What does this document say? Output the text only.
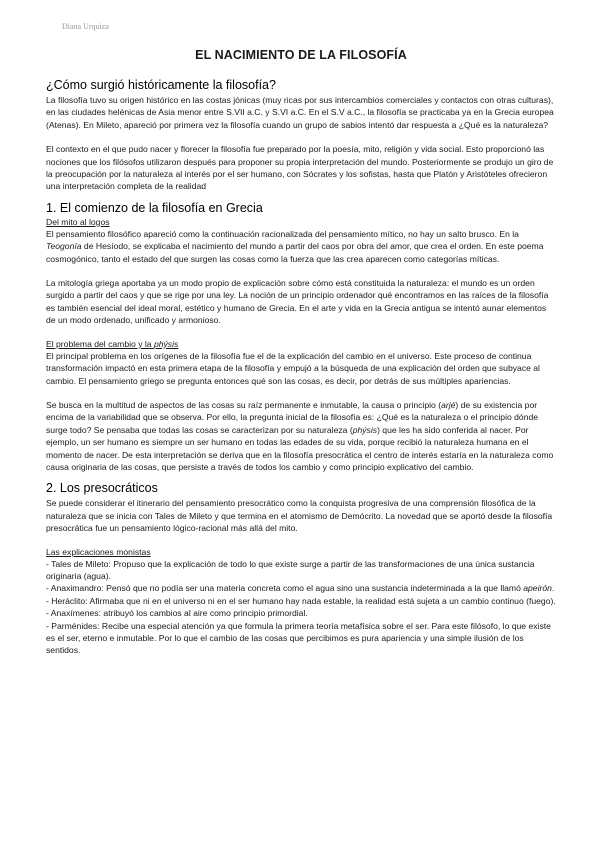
Diana Urquiza
EL NACIMIENTO DE LA FILOSOFÍA
¿Cómo surgió históricamente la filosofía?

La filosofía tuvo su origen histórico en las costas jónicas (muy ricas por sus intercambios comerciales y contactos con otras culturas), en las ciudades helénicas de Asia menor entre S.VII a.C. y S.VI a.C. En el S.V a.C., la filosofía se practicaba ya en la Grecia europea (Atenas). En Mileto, apareció por primera vez la filosofía cuando un grupo de sabios intentó dar respuesta a ¿Qué es la naturaleza?

El contexto en el que pudo nacer y florecer la filosofía fue preparado por la poesía, mito, religión y vida social. Esto proporcionó las nociones que los filósofos utilizaron después para proponer su propia interpretación del mundo. Posteriormente se produjo un giro de la preocupación por la naturaleza al interés por el ser humano, con Sócrates y los sofistas, hasta que Platón y Aristóteles ofrecieron una interpretación completa de la realidad

1. El comienzo de la filosofía en Grecia
Del mito al logos

El pensamiento filosófico apareció como la continuación racionalizada del pensamiento mítico, no hay un salto brusco. En la Teogonía de Hesíodo, se explicaba el nacimiento del mundo a partir del caos por obra del amor, que crea el orden. En este poema cosmogónico, tanto el estado del que surgen las cosas como la fuerza que las crea aparecen como categorías míticas.

La mitología griega aportaba ya un modo propio de explicación sobre cómo está constituida la naturaleza: el mundo es un orden surgido a partir del caos y que se rige por una ley. La noción de un principio ordenador qué encontramos en las raíces de la filosofía es también esencial del ideal moral, estético y humano de Grecia. En el arte y vida en la Grecia antigua se intentó aunar elementos de un modo ordenado, unificado y armonioso.

El problema del cambio y la phýsis

El principal problema en los orígenes de la filosofía fue el de la explicación del cambio en el universo. Este proceso de continua transformación impactó en esta primera etapa de la filosofía y empujó a la búsqueda de una explicación del orden que subyace al cambio. El pensamiento griego se pregunta entonces qué son las cosas, es decir, por detrás de sus múltiples apariencias.

Se busca en la multitud de aspectos de las cosas su raíz permanente e inmutable, la causa o principio (arjé) de su existencia por encima de la variabilidad que se observa. Por ello, la pregunta inicial de la filosofía es: ¿Qué es la naturaleza o el principio dónde surge todo? Se pensaba que todas las cosas se caracterizan por su naturaleza (phýsis) que les ha sido conferida al nacer. Por ejemplo, un ser humano es siempre un ser humano en todas las edades de su vida, porque recibió la naturaleza humana en el momento de nacer. De esta interpretación se deriva que en la filosofía presocrática el centro de interés estaría en la naturaleza como causa originaria de las cosas, que persiste a través de todos los cambio y como principio explicativo del cambio.

2. Los presocráticos

Se puede considerar el itinerario del pensamiento presocrático como la conquista progresiva de una comprensión filosófica de la naturaleza que se inicia con Tales de Mileto y que termina en el atomismo de Demócrito. La novedad que se aportó desde la filosofía presocrática fue un pensamiento lógico-racional más allá del mito.

Las explicaciones monistas

- Tales de Mileto: Propuso que la explicación de todo lo que existe surge a partir de las transformaciones de una única sustancia originaria (agua).

- Anaximandro: Pensó que no podía ser una materia concreta como el agua sino una sustancia indeterminada a la que llamó apeirón.

- Heráclito: Afirmaba que ni en el universo ni en el ser humano hay nada estable, la realidad está sujeta a un cambio continuo (fuego).

- Anaxímenes: atribuyó los cambios al aire como principio primordial.

- Parménides: Recibe una especial atención ya que formula la primera teoría metafísica sobre el ser. Para este filósofo, lo que existe es el ser, eterno e inmutable. Por lo que el cambio de las cosas que percibimos es pura apariencia y una simple ilusión de los sentidos.
